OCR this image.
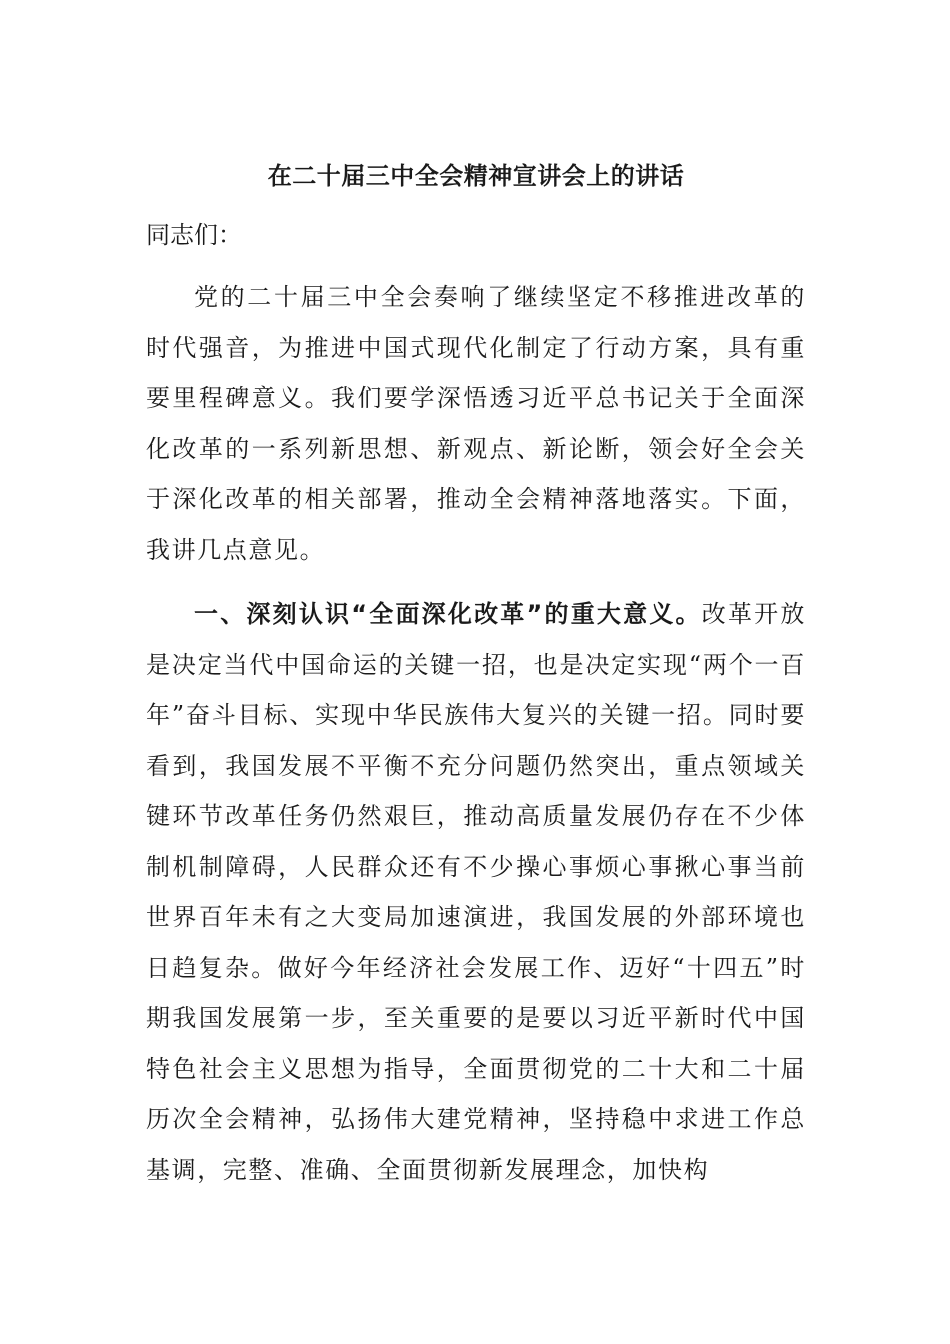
在二十届三中全会精神宣讲会上的讲话

同志们：

党的二十届三中全会奏响了继续坚定不移推进改革的时代强音，为推进中国式现代化制定了行动方案，具有重要里程碑意义。我们要学深悟透习近平总书记关于全面深化改革的一系列新思想、新观点、新论断，领会好全会关于深化改革的相关部署，推动全会精神落地落实。下面，我讲几点意见。

一、深刻认识“全面深化改革”的重大意义。改革开放是决定当代中国命运的关键一招，也是决定实现“两个一百年”奋斗目标、实现中华民族伟大复兴的关键一招。同时要看到，我国发展不平衡不充分问题仍然突出，重点领域关键环节改革任务仍然艰巨，推动高质量发展仍存在不少体制机制障碍，人民群众还有不少操心事烦心事揪心事当前世界百年未有之大变局加速演进，我国发展的外部环境也日趋复杂。做好今年经济社会发展工作、迈好“十四五”时期我国发展第一步，至关重要的是要以习近平新时代中国特色社会主义思想为指导，全面贯彻党的二十大和二十届历次全会精神，弘扬伟大建党精神，坚持稳中求进工作总基调，完整、准确、全面贯彻新发展理念，加快构
